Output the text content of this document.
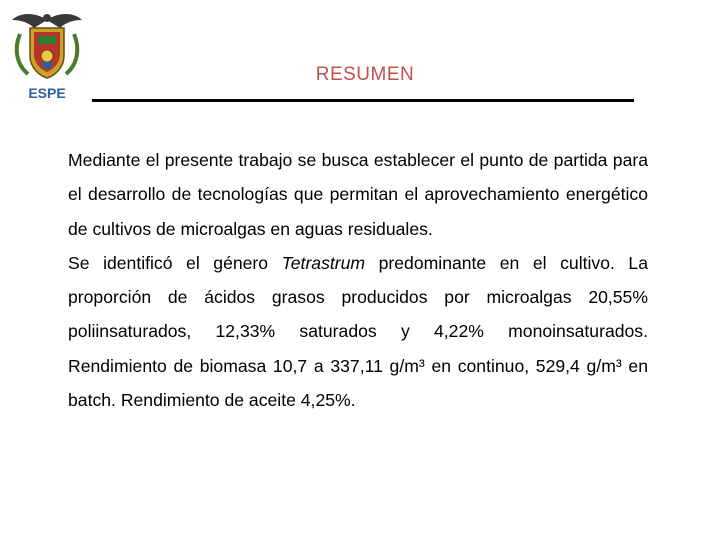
ESPE
RESUMEN

Mediante el presente trabajo se busca establecer el punto de partida para el desarrollo de tecnologías que permitan el aprovechamiento energético de cultivos de microalgas en aguas residuales.

Se identificó el género Tetrastrum predominante en el cultivo. La proporción de ácidos grasos producidos por microalgas 20,55% poliinsaturados, 12,33% saturados y 4,22% monoinsaturados. Rendimiento de biomasa 10,7 a 337,11 g/m³ en continuo, 529,4 g/m³ en batch. Rendimiento de aceite 4,25%.
